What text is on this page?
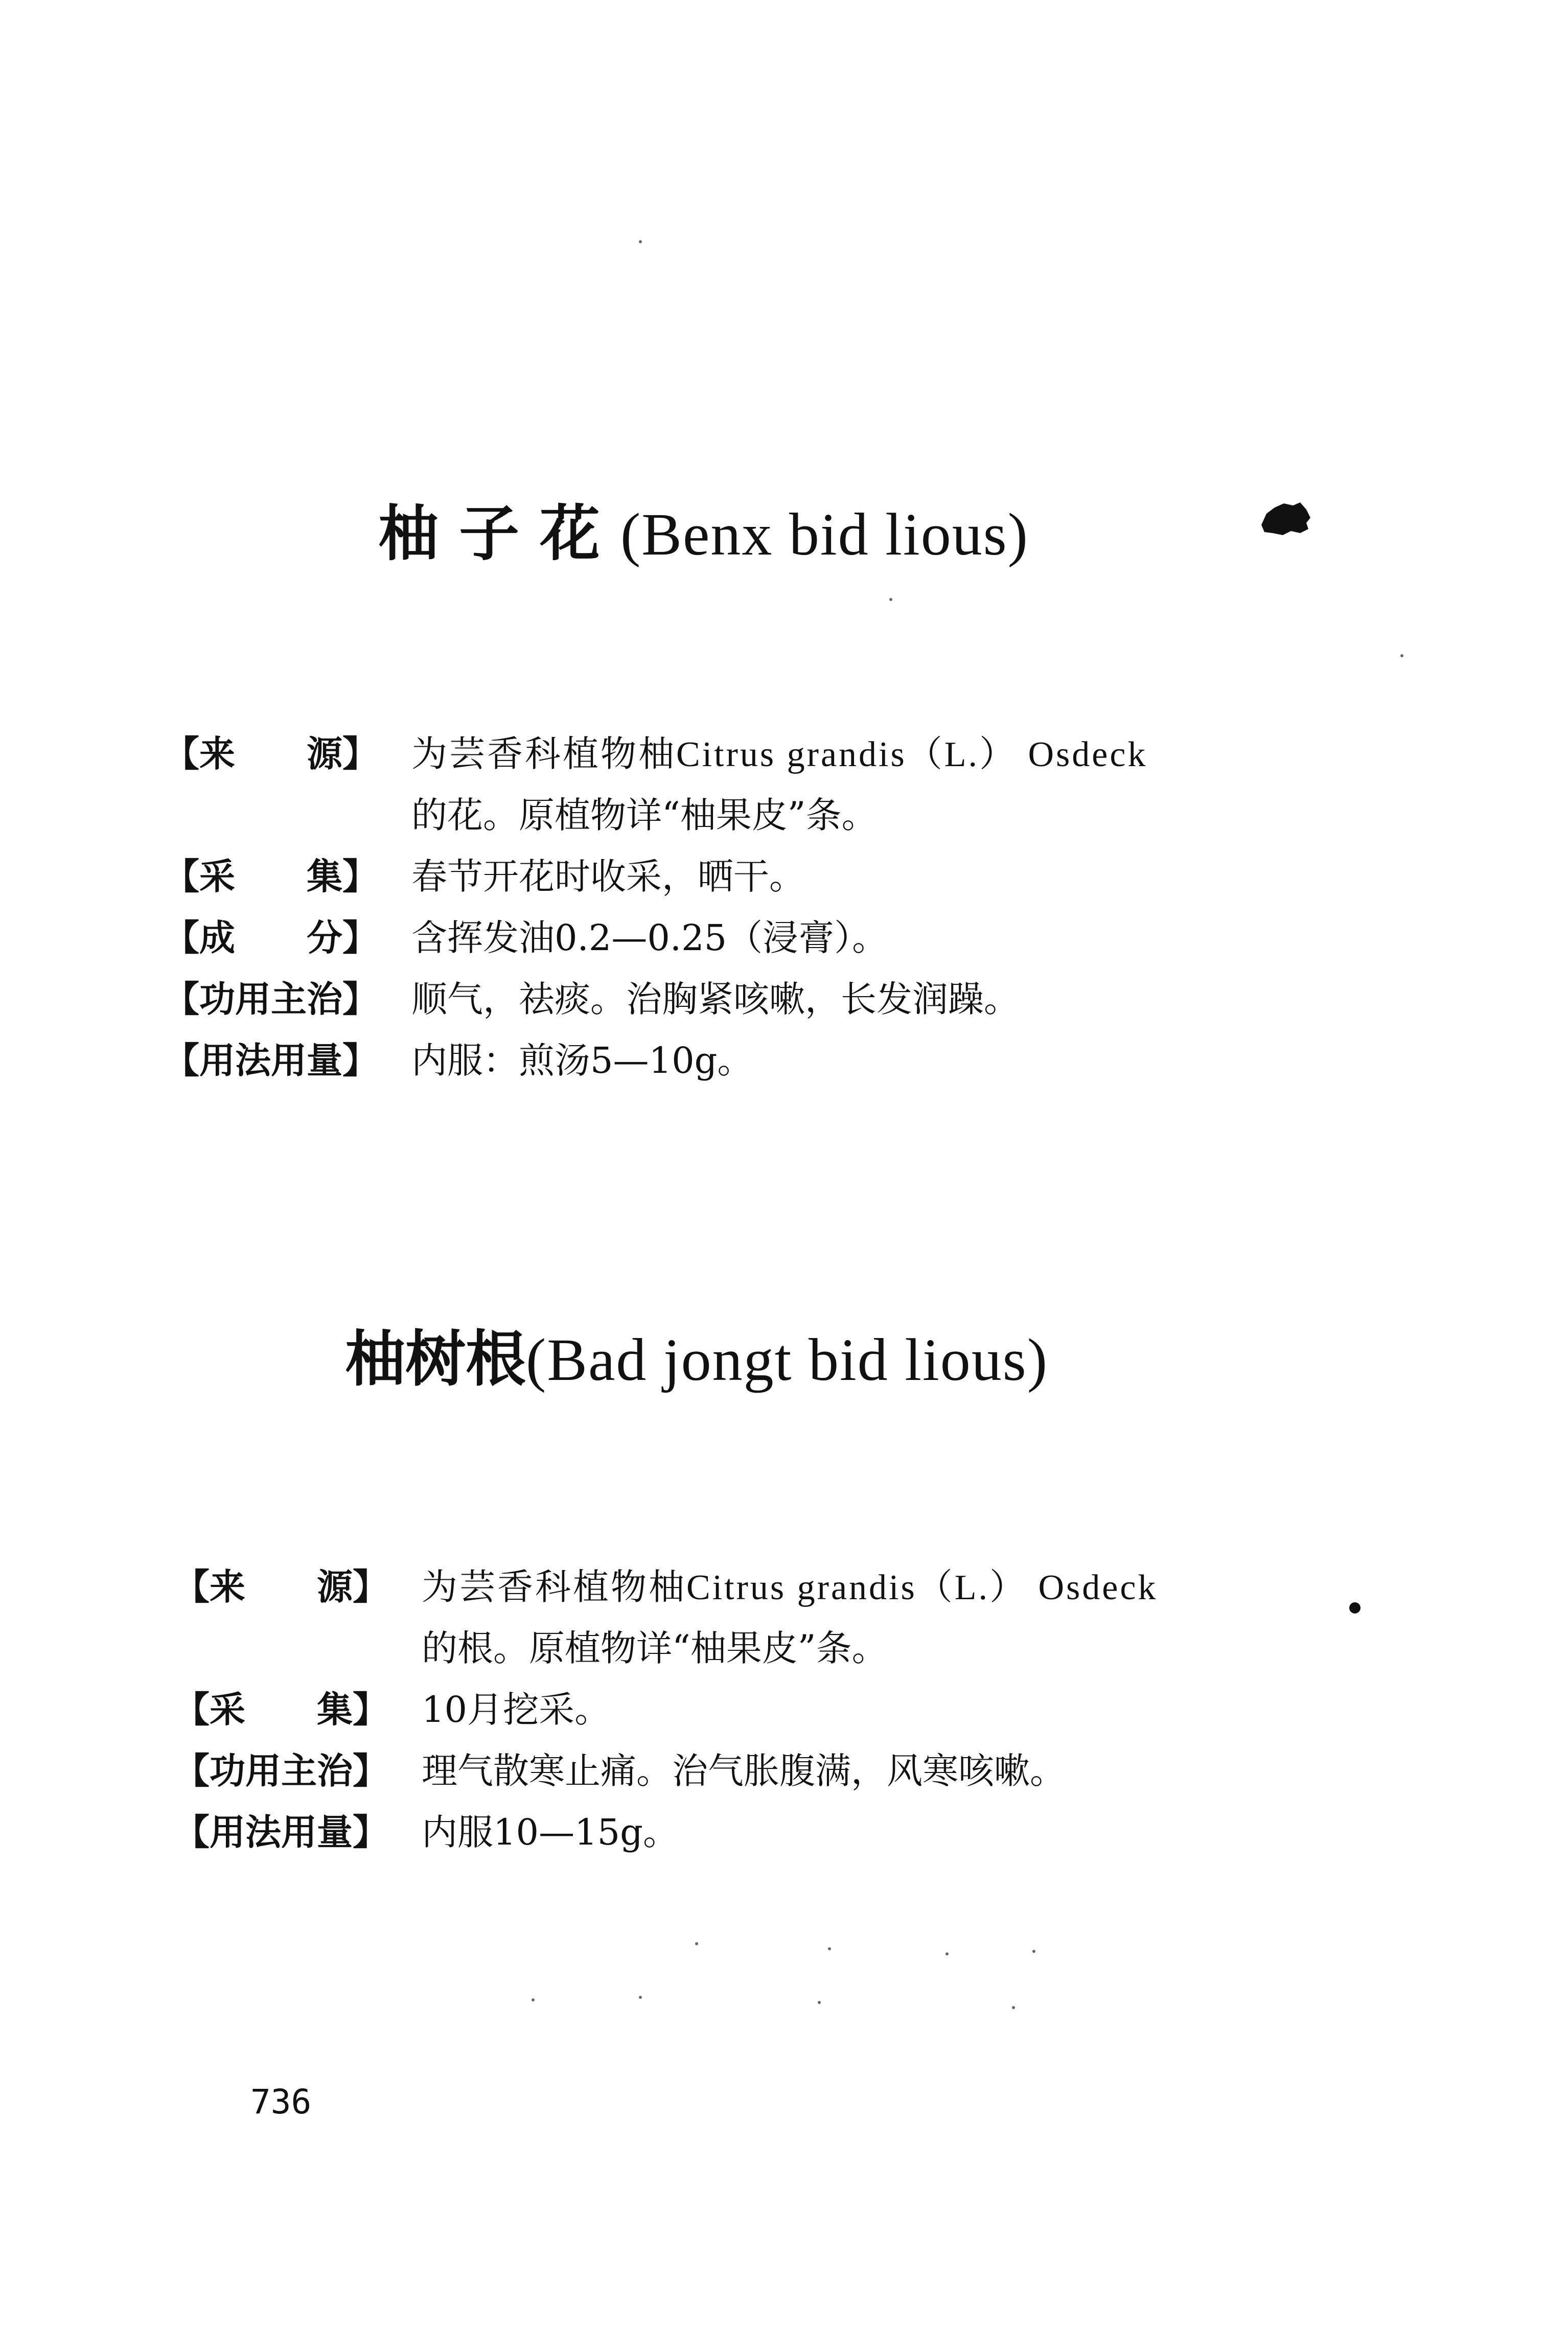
柚子花(Benx bid lious)
【来　　源】 为芸香科植物柚Citrus grandis（L.） Osdeck
的花。原植物详“柚果皮”条。
【采　　集】 春节开花时收采，晒干。
【成　　分】 含挥发油0.2—0.25（浸膏）。
【功用主治】 顺气，祛痰。治胸紧咳嗽，长发润躁。
【用法用量】 内服：煎汤5—10g。
柚树根(Bad jongt bid lious)
【来　　源】 为芸香科植物柚Citrus grandis（L.） Osdeck
的根。原植物详“柚果皮”条。
【采　　集】 10月挖采。
【功用主治】 理气散寒止痛。治气胀腹满，风寒咳嗽。
【用法用量】 内服10—15g。
736
